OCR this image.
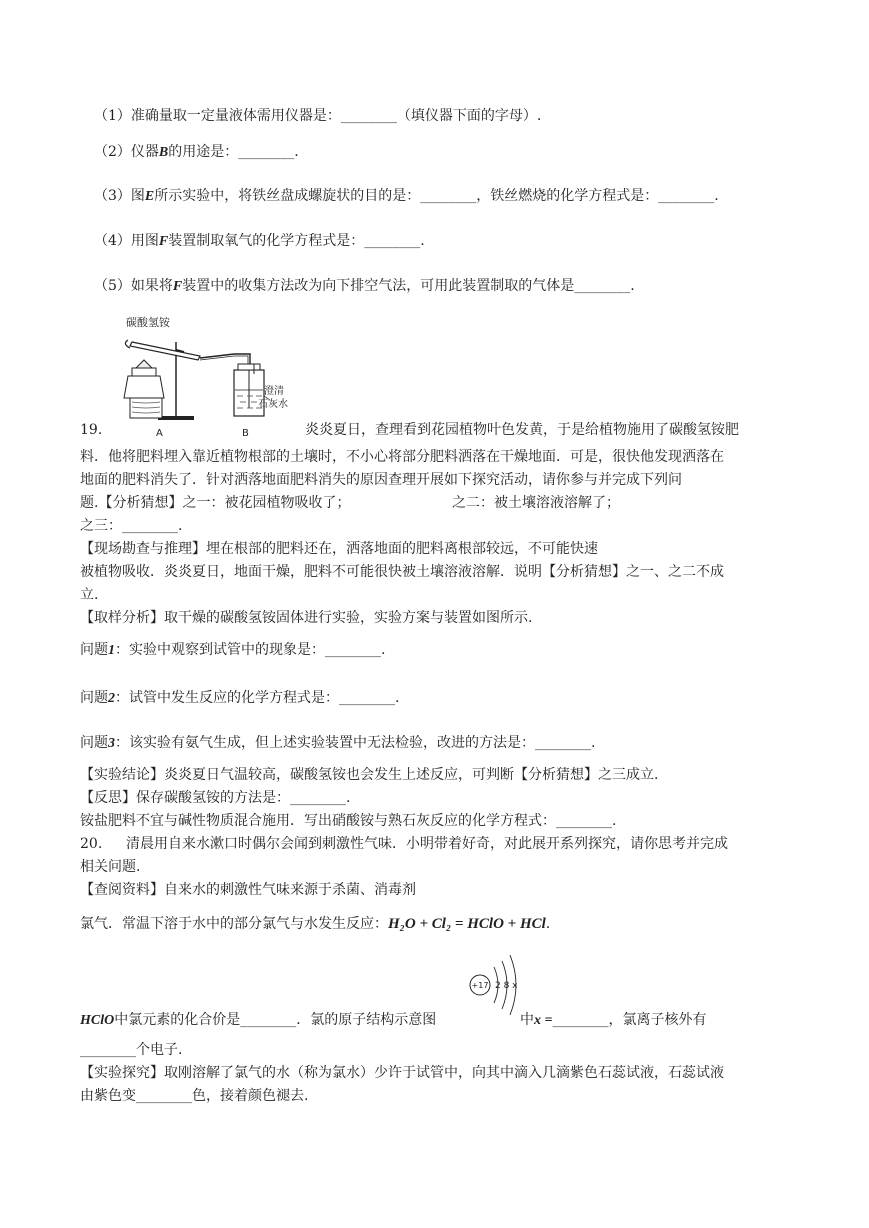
（1）准确量取一定量液体需用仪器是：________（填仪器下面的字母）.
（2）仪器B的用途是：________.
（3）图E所示实验中，将铁丝盘成螺旋状的目的是：________，铁丝燃烧的化学方程式是：________.
（4）用图F装置制取氧气的化学方程式是：________.
（5）如果将F装置中的收集方法改为向下排空气法，可用此装置制取的气体是________.
碳酸氢铵
澄清
石灰水
A	B
19.	炎炎夏日，查理看到花园植物叶色发黄，于是给植物施用了碳酸氢铵肥
料．他将肥料埋入靠近植物根部的土壤时，不小心将部分肥料洒落在干燥地面．可是，很快他发现洒落在
地面的肥料消失了．针对洒落地面肥料消失的原因查理开展如下探究活动，请你参与并完成下列问
题.【分析猜想】之一：被花园植物吸收了；	之二：被土壤溶液溶解了；
之三：________.
【现场勘查与推理】埋在根部的肥料还在，洒落地面的肥料离根部较远，不可能快速
被植物吸收．炎炎夏日，地面干燥，肥料不可能很快被土壤溶液溶解．说明【分析猜想】之一、之二不成
立.
【取样分析】取干燥的碳酸氢铵固体进行实验，实验方案与装置如图所示.
问题1：实验中观察到试管中的现象是：________.
问题2：试管中发生反应的化学方程式是：________.
问题3：该实验有氨气生成，但上述实验装置中无法检验，改进的方法是：________.
【实验结论】炎炎夏日气温较高，碳酸氢铵也会发生上述反应，可判断【分析猜想】之三成立.
【反思】保存碳酸氢铵的方法是：________.
铵盐肥料不宜与碱性物质混合施用．写出硝酸铵与熟石灰反应的化学方程式：________.
20. 清晨用自来水漱口时偶尔会闻到刺激性气味．小明带着好奇，对此展开系列探究，请你思考并完成
相关问题.
【查阅资料】自来水的刺激性气味来源于杀菌、消毒剂
氯气．常温下溶于水中的部分氯气与水发生反应：H₂O + Cl₂ = HClO + HCl.
+17 2 8 x
HClO中氯元素的化合价是________．氯的原子结构示意图	中x =________，氯离子核外有
________个电子.
【实验探究】取刚溶解了氯气的水（称为氯水）少许于试管中，向其中滴入几滴紫色石蕊试液，石蕊试液
由紫色变________色，接着颜色褪去.
